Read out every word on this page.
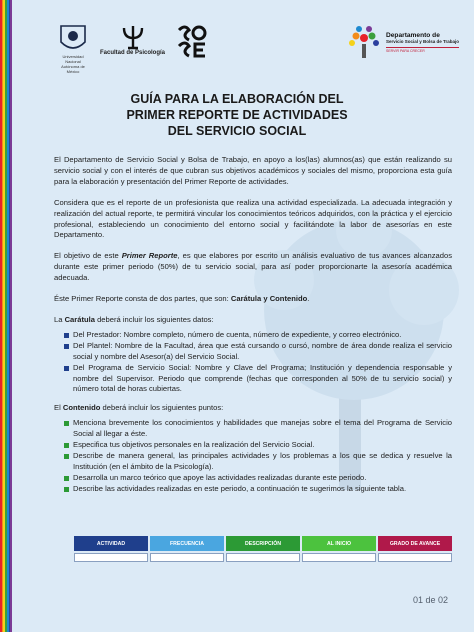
Universidad Nacional Autónoma de México
Facultad de Psicología
Departamento de
Servicio Social y Bolsa de Trabajo
SERVIR PARA CRECER
GUÍA PARA LA ELABORACIÓN DEL
PRIMER REPORTE DE ACTIVIDADES
DEL SERVICIO SOCIAL

El Departamento de Servicio Social y Bolsa de Trabajo, en apoyo a los(las) alumnos(as) que están realizando su servicio social y con el interés de que cubran sus objetivos académicos y sociales del mismo, proporciona esta guía para la elaboración y presentación del Primer Reporte de actividades.

Considera que es el reporte de un profesionista que realiza una actividad especializada. La adecuada integración y realización del actual reporte, te permitirá vincular los conocimientos teóricos adquiridos, con la práctica y el ejercicio profesional, estableciendo un conocimiento del entorno social y facilitándote la labor de asesorías en este Departamento.

El objetivo de este Primer Reporte, es que elabores por escrito un análisis evaluativo de tus avances alcanzados durante este primer periodo (50%) de tu servicio social, para así poder proporcionarte la asesoría académica adecuada.

Éste Primer Reporte consta de dos partes, que son: Carátula y Contenido.

La Carátula deberá incluir los siguientes datos:

Del Prestador: Nombre completo, número de cuenta, número de expediente, y correo electrónico.
Del Plantel: Nombre de la Facultad, área que está cursando o cursó, nombre de área donde realiza el servicio social y nombre del Asesor(a) del Servicio Social.
Del Programa de Servicio Social: Nombre y Clave del Programa; Institución y dependencia responsable y nombre del Supervisor. Periodo que comprende (fechas que corresponden al 50% de tu servicio social) y número total de horas cubiertas.

El Contenido deberá incluir los siguientes puntos:

Menciona brevemente los conocimientos y habilidades que manejas sobre el tema del Programa de Servicio Social al llegar a éste.
Especifica tus objetivos personales en la realización del Servicio Social.
Describe de manera general, las principales actividades y los problemas a los que se dedica y resuelve la Institución (en el ámbito de la Psicología).
Desarrolla un marco teórico que apoye las actividades realizadas durante este periodo.
Describe las actividades realizadas en este periodo, a continuación te sugerimos la siguiente tabla.
ACTIVIDAD	FRECUENCIA	DESCRIPCIÓN	AL INICIO	GRADO DE AVANCE
01 de 02
